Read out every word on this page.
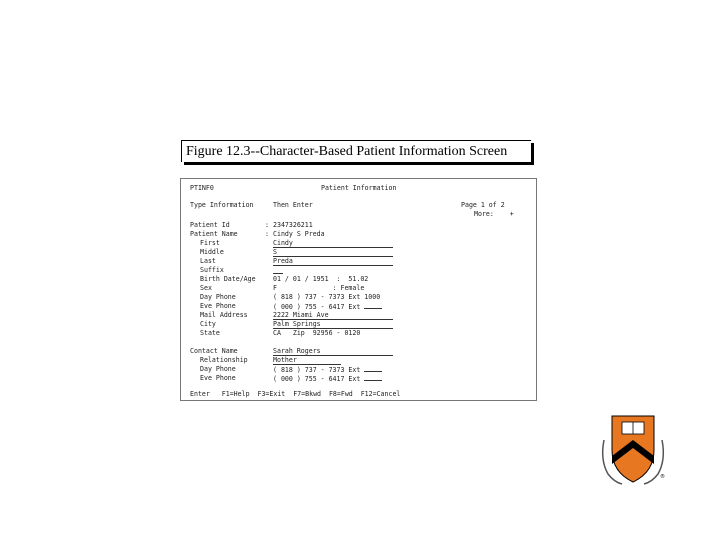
Figure 12.3--Character-Based Patient Information Screen
PTINF0	Patient Information
Type Information	Then Enter	Page 1 of 2
More:    +
Patient Id	: 2347326211
Patient Name	: Cindy S Preda
First	Cindy
Middle	S
Last	Preda
Suffix
Birth Date/Age	01 / 01 / 1951  :  51.02
Sex	F              : Female
Day Phone	( 818 ) 737 - 7373 Ext 1000
Eve Phone	( 000 ) 755 - 6417 Ext
Mail Address	2222 Miami Ave
City	Palm Springs
State	CA   Zip  92956 - 0120
Contact Name	Sarah Rogers
Relationship	Mother
Day Phone	( 818 ) 737 - 7373 Ext
Eve Phone	( 000 ) 755 - 6417 Ext
Enter   F1=Help  F3=Exit  F7=Bkwd  F8=Fwd  F12=Cancel
®
